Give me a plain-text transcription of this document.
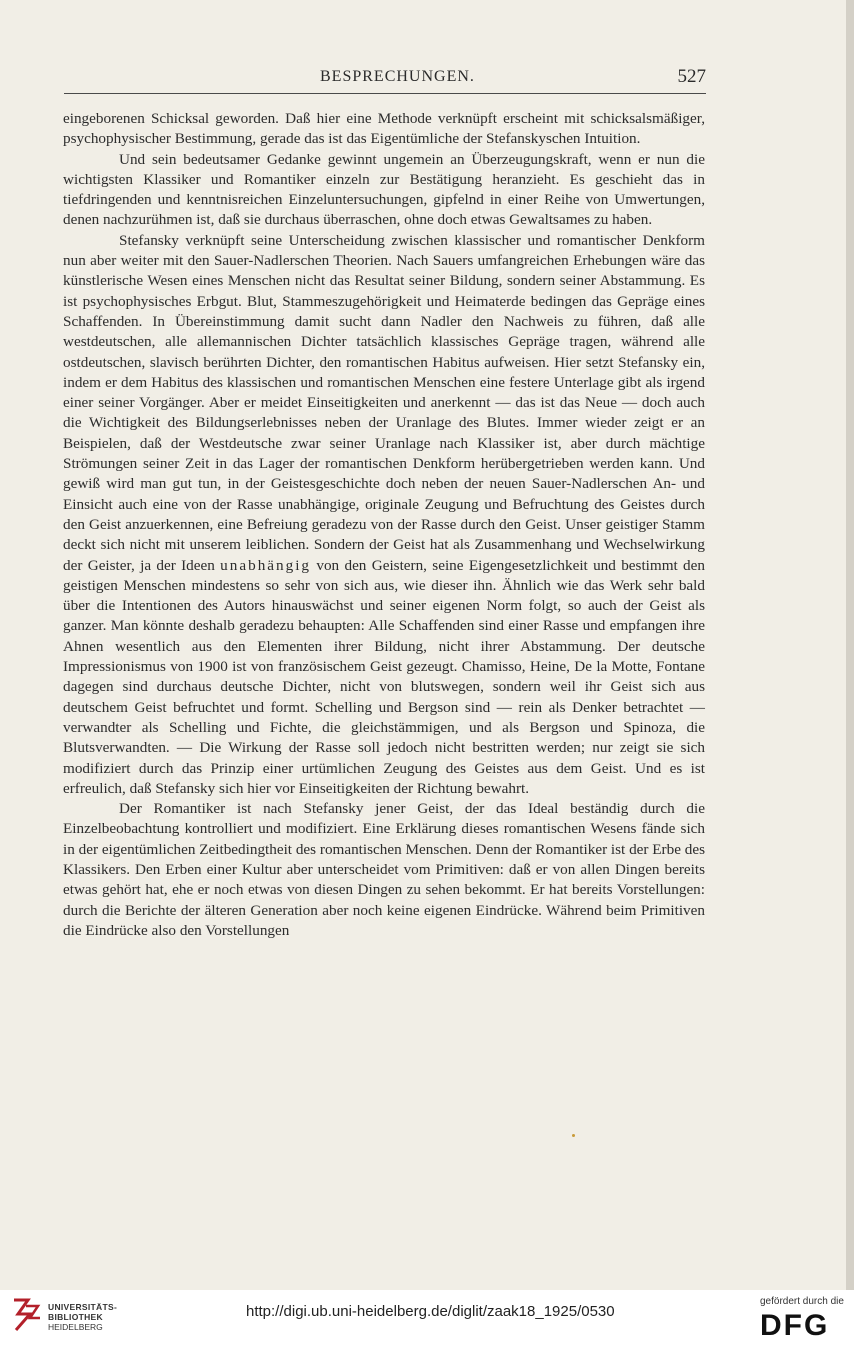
BESPRECHUNGEN.	527

eingeborenen Schicksal geworden. Daß hier eine Methode verknüpft erscheint mit schicksalsmäßiger, psychophysischer Bestimmung, gerade das ist das Eigentümliche der Stefanskyschen Intuition.

Und sein bedeutsamer Gedanke gewinnt ungemein an Überzeugungskraft, wenn er nun die wichtigsten Klassiker und Romantiker einzeln zur Bestätigung heranzieht. Es geschieht das in tiefdringenden und kenntnisreichen Einzeluntersuchungen, gipfelnd in einer Reihe von Umwertungen, denen nachzurühmen ist, daß sie durchaus überraschen, ohne doch etwas Gewaltsames zu haben.

Stefansky verknüpft seine Unterscheidung zwischen klassischer und romantischer Denkform nun aber weiter mit den Sauer-Nadlerschen Theorien. Nach Sauers umfangreichen Erhebungen wäre das künstlerische Wesen eines Menschen nicht das Resultat seiner Bildung, sondern seiner Abstammung. Es ist psychophysisches Erbgut. Blut, Stammeszugehörigkeit und Heimaterde bedingen das Gepräge eines Schaffenden. In Übereinstimmung damit sucht dann Nadler den Nachweis zu führen, daß alle westdeutschen, alle allemannischen Dichter tatsächlich klassisches Gepräge tragen, während alle ostdeutschen, slavisch berührten Dichter, den romantischen Habitus aufweisen. Hier setzt Stefansky ein, indem er dem Habitus des klassischen und romantischen Menschen eine festere Unterlage gibt als irgend einer seiner Vorgänger. Aber er meidet Einseitigkeiten und anerkennt — das ist das Neue — doch auch die Wichtigkeit des Bildungserlebnisses neben der Uranlage des Blutes. Immer wieder zeigt er an Beispielen, daß der Westdeutsche zwar seiner Uranlage nach Klassiker ist, aber durch mächtige Strömungen seiner Zeit in das Lager der romantischen Denkform herübergetrieben werden kann. Und gewiß wird man gut tun, in der Geistesgeschichte doch neben der neuen Sauer-Nadlerschen An- und Einsicht auch eine von der Rasse unabhängige, originale Zeugung und Befruchtung des Geistes durch den Geist anzuerkennen, eine Befreiung geradezu von der Rasse durch den Geist. Unser geistiger Stamm deckt sich nicht mit unserem leiblichen. Sondern der Geist hat als Zusammenhang und Wechselwirkung der Geister, ja der Ideen unabhängig von den Geistern, seine Eigengesetzlichkeit und bestimmt den geistigen Menschen mindestens so sehr von sich aus, wie dieser ihn. Ähnlich wie das Werk sehr bald über die Intentionen des Autors hinauswächst und seiner eigenen Norm folgt, so auch der Geist als ganzer. Man könnte deshalb geradezu behaupten: Alle Schaffenden sind einer Rasse und empfangen ihre Ahnen wesentlich aus den Elementen ihrer Bildung, nicht ihrer Abstammung. Der deutsche Impressionismus von 1900 ist von französischem Geist gezeugt. Chamisso, Heine, De la Motte, Fontane dagegen sind durchaus deutsche Dichter, nicht von blutswegen, sondern weil ihr Geist sich aus deutschem Geist befruchtet und formt. Schelling und Bergson sind — rein als Denker betrachtet — verwandter als Schelling und Fichte, die gleichstämmigen, und als Bergson und Spinoza, die Blutsverwandten. — Die Wirkung der Rasse soll jedoch nicht bestritten werden; nur zeigt sie sich modifiziert durch das Prinzip einer urtümlichen Zeugung des Geistes aus dem Geist. Und es ist erfreulich, daß Stefansky sich hier vor Einseitigkeiten der Richtung bewahrt.

Der Romantiker ist nach Stefansky jener Geist, der das Ideal beständig durch die Einzelbeobachtung kontrolliert und modifiziert. Eine Erklärung dieses romantischen Wesens fände sich in der eigentümlichen Zeitbedingtheit des romantischen Menschen. Denn der Romantiker ist der Erbe des Klassikers. Den Erben einer Kultur aber unterscheidet vom Primitiven: daß er von allen Dingen bereits etwas gehört hat, ehe er noch etwas von diesen Dingen zu sehen bekommt. Er hat bereits Vorstellungen: durch die Berichte der älteren Generation aber noch keine eigenen Eindrücke. Während beim Primitiven die Eindrücke also den Vorstellungen

UNIVERSITÄTS-
BIBLIOTHEK
HEIDELBERG
http://digi.ub.uni-heidelberg.de/diglit/zaak18_1925/0530
gefördert durch die
DFG
